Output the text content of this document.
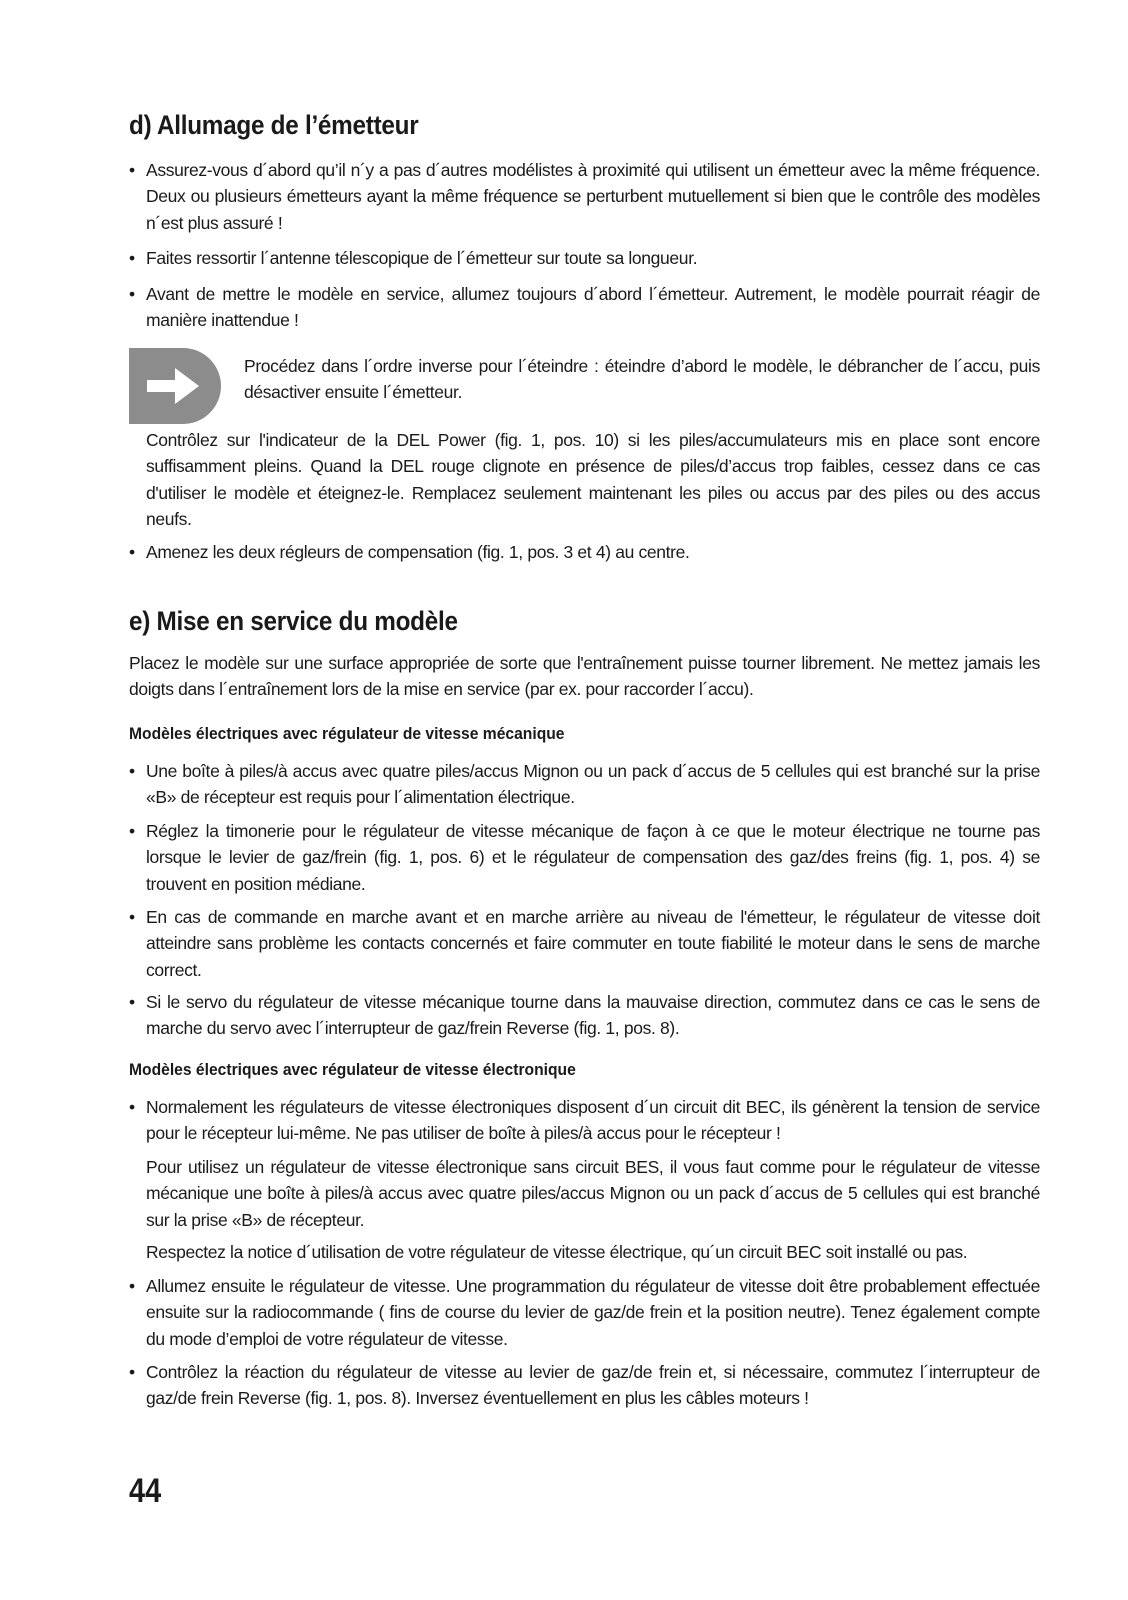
d) Allumage de l’émetteur
• Assurez-vous d´abord qu’il n´y a pas d´autres modélistes à proximité qui utilisent un émetteur avec la même fréquence. Deux ou plusieurs émetteurs ayant la même fréquence se perturbent mutuellement si bien que le contrôle des modèles n´est plus assuré !

• Faites ressortir l´antenne télescopique de l´émetteur sur toute sa longueur.

• Avant de mettre le modèle en service, allumez toujours d´abord l´émetteur. Autrement, le modèle pourrait réagir de manière inattendue !

Procédez dans l´ordre inverse pour l´éteindre : éteindre d’abord le modèle, le débrancher de l´accu, puis désactiver ensuite l´émetteur.

Contrôlez sur l'indicateur de la DEL Power (fig. 1, pos. 10) si les piles/accumulateurs mis en place sont encore suffisamment pleins. Quand la DEL rouge clignote en présence de piles/d’accus trop faibles, cessez dans ce cas d'utiliser le modèle et éteignez-le. Remplacez seulement maintenant les piles ou accus par des piles ou des accus neufs.

• Amenez les deux régleurs de compensation (fig. 1, pos. 3 et 4) au centre.

e) Mise en service du modèle

Placez le modèle sur une surface appropriée de sorte que l'entraînement puisse tourner librement. Ne mettez jamais les doigts dans l´entraînement lors de la mise en service (par ex. pour raccorder l´accu).

Modèles électriques avec régulateur de vitesse mécanique

• Une boîte à piles/à accus avec quatre piles/accus Mignon ou un pack d´accus de 5 cellules qui est branché sur la prise «B» de récepteur est requis pour l´alimentation électrique.

• Réglez la timonerie pour le régulateur de vitesse mécanique de façon à ce que le moteur électrique ne tourne pas lorsque le levier de gaz/frein (fig. 1, pos. 6) et le régulateur de compensation des gaz/des freins (fig. 1, pos. 4) se trouvent en position médiane.

• En cas de commande en marche avant et en marche arrière au niveau de l'émetteur, le régulateur de vitesse doit atteindre sans problème les contacts concernés et faire commuter en toute fiabilité le moteur dans le sens de marche correct.

• Si le servo du régulateur de vitesse mécanique tourne dans la mauvaise direction, commutez dans ce cas le sens de marche du servo avec l´interrupteur de gaz/frein Reverse (fig. 1, pos. 8).

Modèles électriques avec régulateur de vitesse électronique

• Normalement les régulateurs de vitesse électroniques disposent d´un circuit dit BEC, ils génèrent la tension de service pour le récepteur lui-même. Ne pas utiliser de boîte à piles/à accus pour le récepteur !

Pour utilisez un régulateur de vitesse électronique sans circuit BES, il vous faut comme pour le régulateur de vitesse mécanique une boîte à piles/à accus avec quatre piles/accus Mignon ou un pack d´accus de 5 cellules qui est branché sur la prise «B» de récepteur.

Respectez la notice d´utilisation de votre régulateur de vitesse électrique, qu´un circuit BEC soit installé ou pas.

• Allumez ensuite le régulateur de vitesse. Une programmation du régulateur de vitesse doit être probablement effectuée ensuite sur la radiocommande ( fins de course du levier de gaz/de frein et la position neutre). Tenez également compte du mode d’emploi de votre régulateur de vitesse.

• Contrôlez la réaction du régulateur de vitesse au levier de gaz/de frein et, si nécessaire, commutez l´interrupteur de gaz/de frein Reverse (fig. 1, pos. 8). Inversez éventuellement en plus les câbles moteurs !

44
